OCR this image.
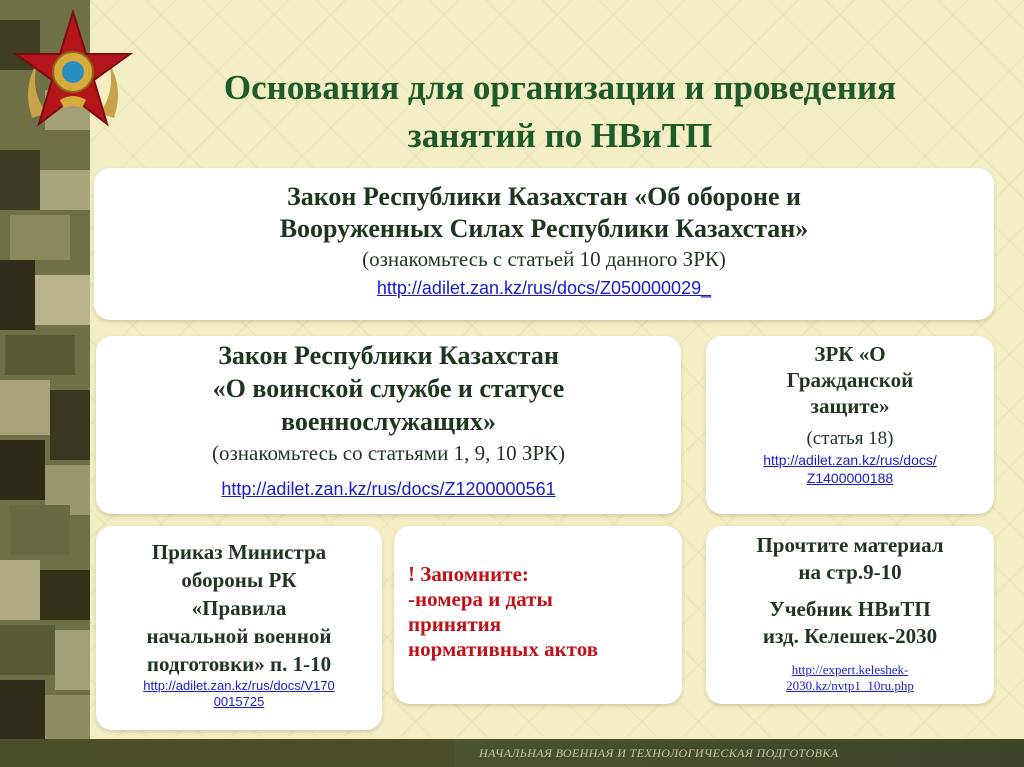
Основания для организации и проведения
занятий по НВиТП
Закон Республики Казахстан «Об обороне и
Вооруженных Силах Республики Казахстан»
(ознакомьтесь с статьей 10 данного ЗРК)
http://adilet.zan.kz/rus/docs/Z050000029_
Закон Республики Казахстан
«О воинской службе и статусе
военнослужащих»
(ознакомьтесь со статьями 1, 9, 10 ЗРК)
http://adilet.zan.kz/rus/docs/Z1200000561
ЗРК «О
Гражданской
защите»
(статья 18)
http://adilet.zan.kz/rus/docs/
Z1400000188
Приказ Министра
обороны РК
«Правила
начальной военной
подготовки» п. 1-10
http://adilet.zan.kz/rus/docs/V170
0015725
! Запомните:
-номера и даты
принятия
нормативных актов
Прочтите материал
на стр.9-10
Учебник НВиТП
изд. Келешек-2030
http://expert.keleshek-
2030.kz/nvtp1_10ru.php
НАЧАЛЬНАЯ ВОЕННАЯ И ТЕХНОЛОГИЧЕСКАЯ ПОДГОТОВКА
